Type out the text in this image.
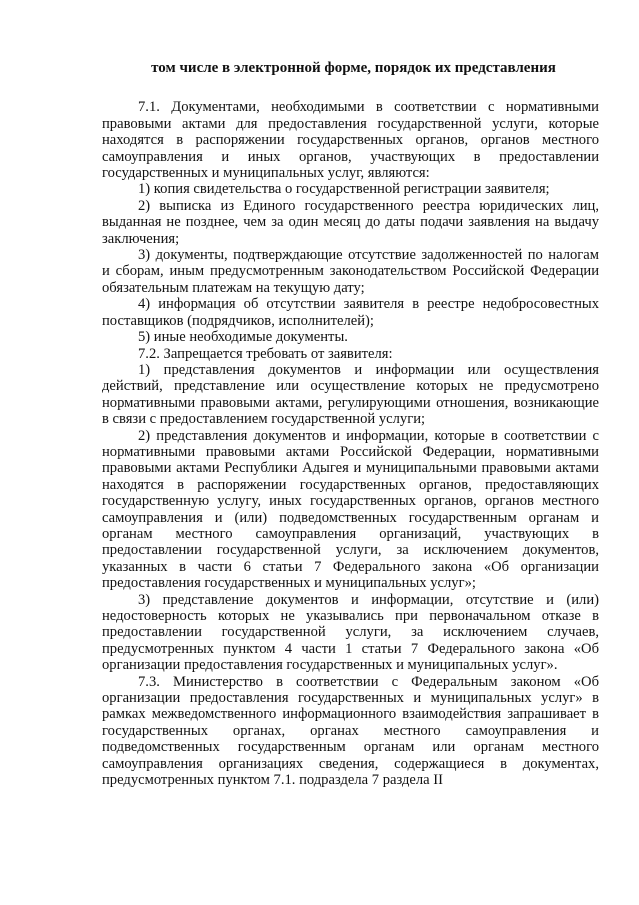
том числе в электронной форме, порядок их представления

7.1. Документами, необходимыми в соответствии с нормативными правовыми актами для предоставления государственной услуги, которые находятся в распоряжении государственных органов, органов местного самоуправления и иных органов, участвующих в предоставлении государственных и муниципальных услуг, являются:

1) копия свидетельства о государственной регистрации заявителя;

2) выписка из Единого государственного реестра юридических лиц, выданная не позднее, чем за один месяц до даты подачи заявления на выдачу заключения;

3) документы, подтверждающие отсутствие задолженностей по налогам и сборам, иным предусмотренным законодательством Российской Федерации обязательным платежам на текущую дату;

4) информация об отсутствии заявителя в реестре недобросовестных поставщиков (подрядчиков, исполнителей);

5) иные необходимые документы.

7.2. Запрещается требовать от заявителя:

1) представления документов и информации или осуществления действий, представление или осуществление которых не предусмотрено нормативными правовыми актами, регулирующими отношения, возникающие в связи с предоставлением государственной услуги;

2) представления документов и информации, которые в соответствии с нормативными правовыми актами Российской Федерации, нормативными правовыми актами Республики Адыгея и муниципальными правовыми актами находятся в распоряжении государственных органов, предоставляющих государственную услугу, иных государственных органов, органов местного самоуправления и (или) подведомственных государственным органам и органам местного самоуправления организаций, участвующих в предоставлении государственной услуги, за исключением документов, указанных в части 6 статьи 7 Федерального закона «Об организации предоставления государственных и муниципальных услуг»;

3) представление документов и информации, отсутствие и (или) недостоверность которых не указывались при первоначальном отказе в предоставлении государственной услуги, за исключением случаев, предусмотренных пунктом 4 части 1 статьи 7 Федерального закона «Об организации предоставления государственных и муниципальных услуг».

7.3. Министерство в соответствии с Федеральным законом «Об организации предоставления государственных и муниципальных услуг» в рамках межведомственного информационного взаимодействия запрашивает в государственных органах, органах местного самоуправления и подведомственных государственным органам или органам местного самоуправления организациях сведения, содержащиеся в документах, предусмотренных пунктом 7.1. подраздела 7 раздела II
